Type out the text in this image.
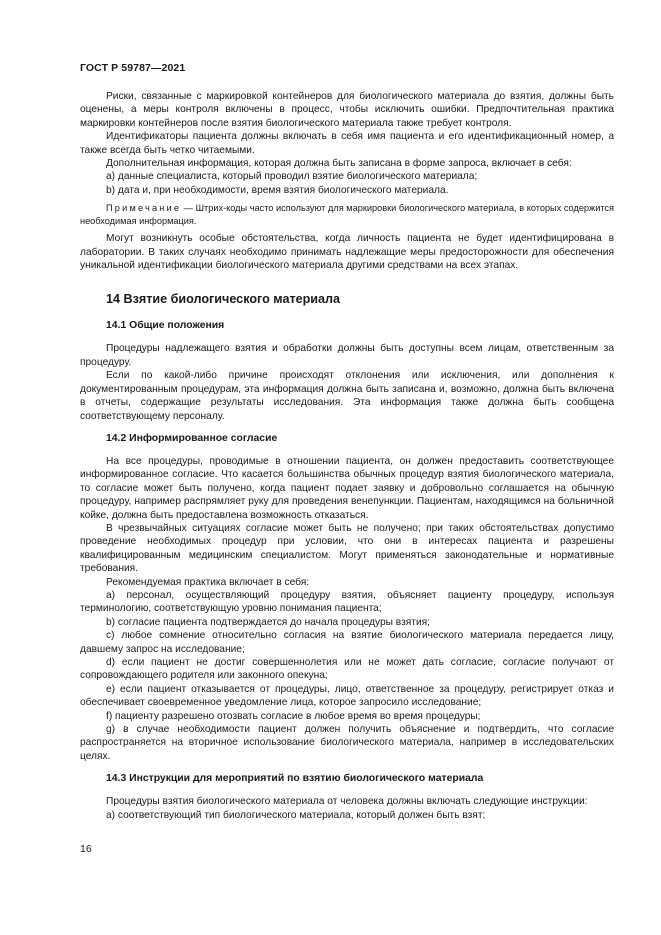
ГОСТ Р 59787—2021

Риски, связанные с маркировкой контейнеров для биологического материала до взятия, должны быть оценены, а меры контроля включены в процесс, чтобы исключить ошибки. Предпочтительная практика маркировки контейнеров после взятия биологического материала также требует контроля.

Идентификаторы пациента должны включать в себя имя пациента и его идентификационный номер, а также всегда быть четко читаемыми.

Дополнительная информация, которая должна быть записана в форме запроса, включает в себя:

а) данные специалиста, который проводил взятие биологического материала;

b) дата и, при необходимости, время взятия биологического материала.

Примечание — Штрих-коды часто используют для маркировки биологического материала, в которых содержится необходимая информация.

Могут возникнуть особые обстоятельства, когда личность пациента не будет идентифицирована в лаборатории. В таких случаях необходимо принимать надлежащие меры предосторожности для обеспечения уникальной идентификации биологического материала другими средствами на всех этапах.

14 Взятие биологического материала
14.1 Общие положения

Процедуры надлежащего взятия и обработки должны быть доступны всем лицам, ответственным за процедуру.

Если по какой-либо причине происходят отклонения или исключения, или дополнения к документированным процедурам, эта информация должна быть записана и, возможно, должна быть включена в отчеты, содержащие результаты исследования. Эта информация также должна быть сообщена соответствующему персоналу.

14.2 Информированное согласие

На все процедуры, проводимые в отношении пациента, он должен предоставить соответствующее информированное согласие. Что касается большинства обычных процедур взятия биологического материала, то согласие может быть получено, когда пациент подает заявку и добровольно соглашается на обычную процедуру, например распрямляет руку для проведения венепункции. Пациентам, находящимся на больничной койке, должна быть предоставлена возможность отказаться.

В чрезвычайных ситуациях согласие может быть не получено; при таких обстоятельствах допустимо проведение необходимых процедур при условии, что они в интересах пациента и разрешены квалифицированным медицинским специалистом. Могут применяться законодательные и нормативные требования.

Рекомендуемая практика включает в себя:

а) персонал, осуществляющий процедуру взятия, объясняет пациенту процедуру, используя терминологию, соответствующую уровню понимания пациента;

b) согласие пациента подтверждается до начала процедуры взятия;

с) любое сомнение относительно согласия на взятие биологического материала передается лицу, давшему запрос на исследование;

d) если пациент не достиг совершеннолетия или не может дать согласие, согласие получают от сопровождающего родителя или законного опекуна;

е) если пациент отказывается от процедуры, лицо, ответственное за процедуру, регистрирует отказ и обеспечивает своевременное уведомление лица, которое запросило исследование;

f) пациенту разрешено отозвать согласие в любое время во время процедуры;

g) в случае необходимости пациент должен получить объяснение и подтвердить, что согласие распространяется на вторичное использование биологического материала, например в исследовательских целях.

14.3 Инструкции для мероприятий по взятию биологического материала

Процедуры взятия биологического материала от человека должны включать следующие инструкции:

а) соответствующий тип биологического материала, который должен быть взят;

16
